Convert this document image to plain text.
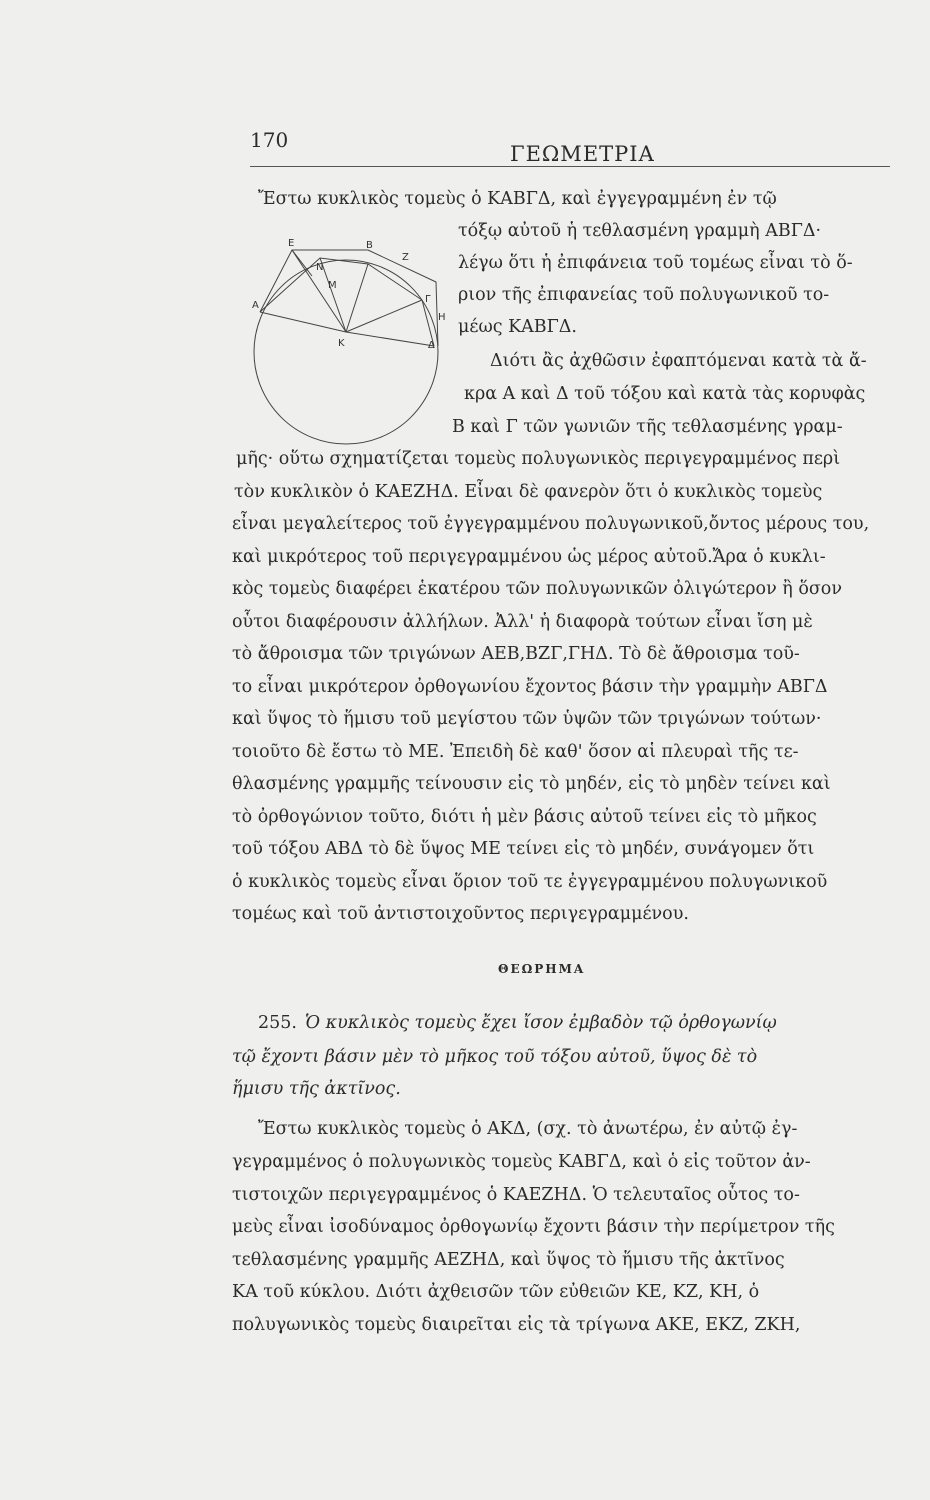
170
ΓΕΩΜΕΤΡΙΑ
Ε	Β
Ζ
Ν
Μ
Α
Γ
Η
Κ	Δ
Ἔστω κυκλικὸς τομεὺς ὁ ΚΑΒΓΔ, καὶ ἐγγεγραμμένη ἐν τῷ
τόξῳ αὐτοῦ ἡ τεθλασμένη γραμμὴ ΑΒΓΔ·
λέγω ὅτι ἡ ἐπιφάνεια τοῦ τομέως εἶναι τὸ ὅ-
ριον τῆς ἐπιφανείας τοῦ πολυγωνικοῦ το-
μέως ΚΑΒΓΔ.
Διότι ἂς ἀχθῶσιν ἐφαπτόμεναι κατὰ τὰ ἄ-
κρα Α καὶ Δ τοῦ τόξου καὶ κατὰ τὰς κορυφὰς
Β καὶ Γ τῶν γωνιῶν τῆς τεθλασμένης γραμ-
μῆς· οὕτω σχηματίζεται τομεὺς πολυγωνικὸς περιγεγραμμένος περὶ
τὸν κυκλικὸν ὁ ΚΑΕΖΗΔ. Εἶναι δὲ φανερὸν ὅτι ὁ κυκλικὸς τομεὺς
εἶναι μεγαλείτερος τοῦ ἐγγεγραμμένου πολυγωνικοῦ,ὄντος μέρους του,
καὶ μικρότερος τοῦ περιγεγραμμένου ὡς μέρος αὐτοῦ.Ἄρα ὁ κυκλι-
κὸς τομεὺς διαφέρει ἑκατέρου τῶν πολυγωνικῶν ὀλιγώτερον ἢ ὅσον
οὗτοι διαφέρουσιν ἀλλήλων. Ἀλλ' ἡ διαφορὰ τούτων εἶναι ἴση μὲ
τὸ ἄθροισμα τῶν τριγώνων ΑΕΒ,ΒΖΓ,ΓΗΔ. Τὸ δὲ ἄθροισμα τοῦ-
το εἶναι μικρότερον ὀρθογωνίου ἔχοντος βάσιν τὴν γραμμὴν ΑΒΓΔ
καὶ ὕψος τὸ ἥμισυ τοῦ μεγίστου τῶν ὑψῶν τῶν τριγώνων τούτων·
τοιοῦτο δὲ ἔστω τὸ ΜΕ. Ἐπειδὴ δὲ καθ' ὅσον αἱ πλευραὶ τῆς τε-
θλασμένης γραμμῆς τείνουσιν εἰς τὸ μηδέν, εἰς τὸ μηδὲν τείνει καὶ
τὸ ὀρθογώνιον τοῦτο, διότι ἡ μὲν βάσις αὐτοῦ τείνει εἰς τὸ μῆκος
τοῦ τόξου ΑΒΔ τὸ δὲ ὕψος ΜΕ τείνει εἰς τὸ μηδέν, συνάγομεν ὅτι
ὁ κυκλικὸς τομεὺς εἶναι ὅριον τοῦ τε ἐγγεγραμμένου πολυγωνικοῦ
τομέως καὶ τοῦ ἀντιστοιχοῦντος περιγεγραμμένου.
ΘΕΩΡΗΜΑ
255. Ὁ κυκλικὸς τομεὺς ἔχει ἴσον ἐμβαδὸν τῷ ὀρθογωνίῳ
τῷ ἔχοντι βάσιν μὲν τὸ μῆκος τοῦ τόξου αὐτοῦ, ὕψος δὲ τὸ
ἥμισυ τῆς ἀκτῖνος.
Ἔστω κυκλικὸς τομεὺς ὁ ΑΚΔ, (σχ. τὸ ἀνωτέρω, ἐν αὐτῷ ἐγ-
γεγραμμένος ὁ πολυγωνικὸς τομεὺς ΚΑΒΓΔ, καὶ ὁ εἰς τοῦτον ἀν-
τιστοιχῶν περιγεγραμμένος ὁ ΚΑΕΖΗΔ. Ὁ τελευταῖος οὗτος το-
μεὺς εἶναι ἰσοδύναμος ὀρθογωνίῳ ἔχοντι βάσιν τὴν περίμετρον τῆς
τεθλασμένης γραμμῆς ΑΕΖΗΔ, καὶ ὕψος τὸ ἥμισυ τῆς ἀκτῖνος
ΚΑ τοῦ κύκλου. Διότι ἀχθεισῶν τῶν εὐθειῶν ΚΕ, ΚΖ, ΚΗ, ὁ
πολυγωνικὸς τομεὺς διαιρεῖται εἰς τὰ τρίγωνα ΑΚΕ, ΕΚΖ, ΖΚΗ,
